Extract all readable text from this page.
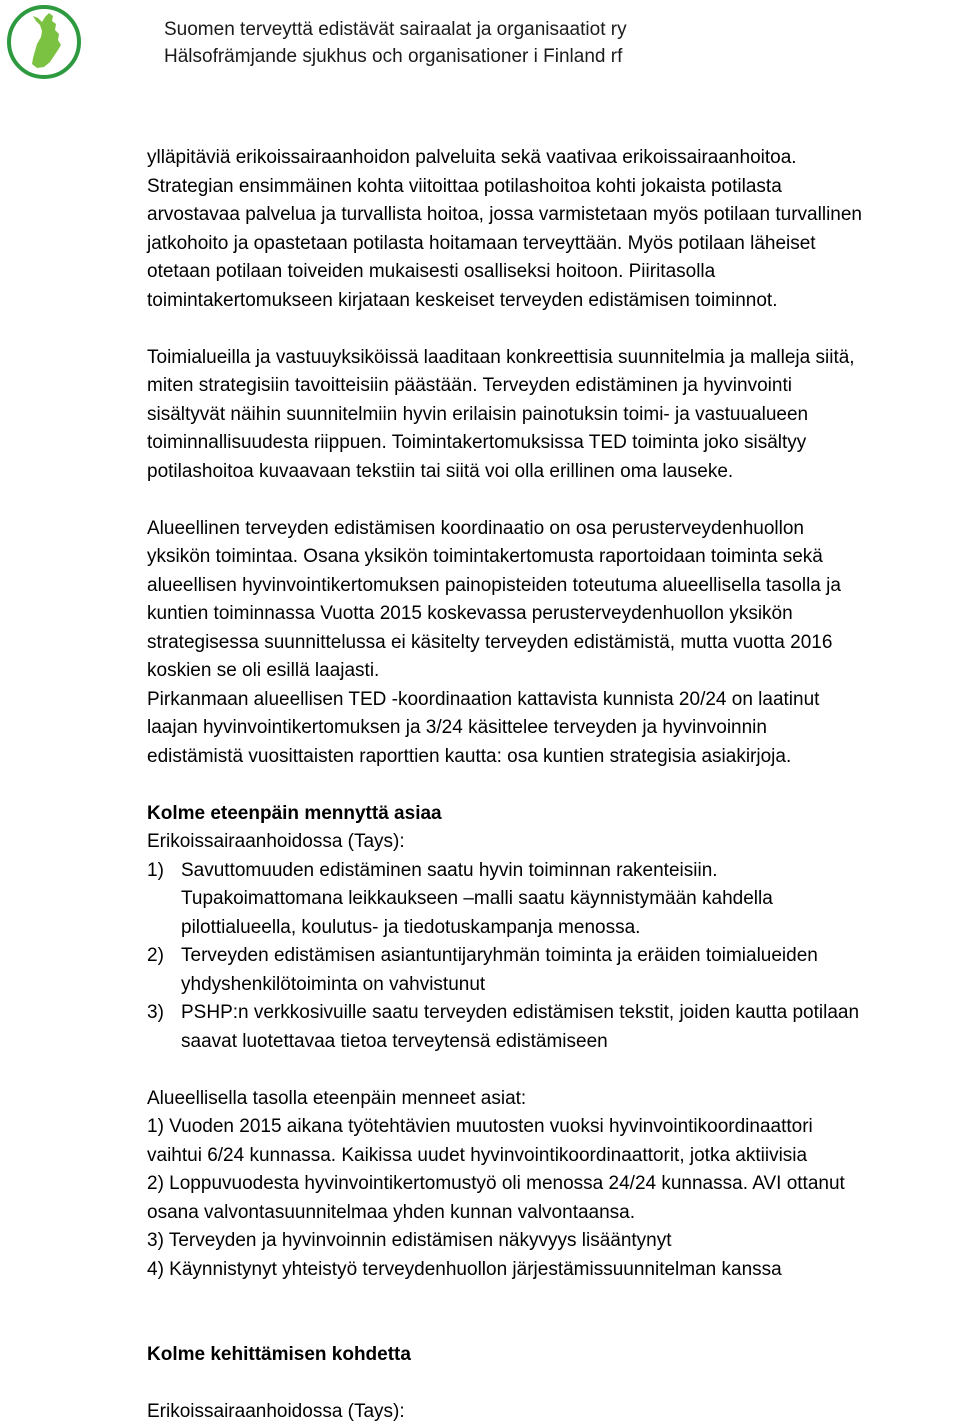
Suomen terveyttä edistävät sairaalat ja organisaatiot ry
Hälsofrämjande sjukhus och organisationer i Finland rf

ylläpitäviä erikoissairaanhoidon palveluita sekä vaativaa erikoissairaanhoitoa.

Strategian ensimmäinen kohta viitoittaa potilashoitoa kohti jokaista potilasta

arvostavaa palvelua ja turvallista hoitoa, jossa varmistetaan myös potilaan turvallinen

jatkohoito ja opastetaan potilasta hoitamaan terveyttään. Myös potilaan läheiset

otetaan potilaan toiveiden mukaisesti osalliseksi hoitoon. Piiritasolla

toimintakertomukseen kirjataan keskeiset terveyden edistämisen toiminnot.

Toimialueilla ja vastuuyksiköissä laaditaan konkreettisia suunnitelmia ja malleja siitä,

miten strategisiin tavoitteisiin päästään. Terveyden edistäminen ja hyvinvointi

sisältyvät näihin suunnitelmiin hyvin erilaisin painotuksin toimi- ja vastuualueen

toiminnallisuudesta riippuen. Toimintakertomuksissa TED toiminta joko sisältyy

potilashoitoa kuvaavaan tekstiin tai siitä voi olla erillinen oma lauseke.

Alueellinen terveyden edistämisen koordinaatio on osa perusterveydenhuollon

yksikön toimintaa. Osana yksikön toimintakertomusta raportoidaan toiminta sekä

alueellisen hyvinvointikertomuksen painopisteiden toteutuma alueellisella tasolla ja

kuntien toiminnassa Vuotta 2015 koskevassa perusterveydenhuollon yksikön

strategisessa suunnittelussa ei käsitelty terveyden edistämistä, mutta vuotta 2016

koskien se oli esillä laajasti.

Pirkanmaan alueellisen TED -koordinaation kattavista kunnista 20/24 on laatinut

laajan hyvinvointikertomuksen ja 3/24 käsittelee terveyden ja hyvinvoinnin

edistämistä vuosittaisten raporttien kautta: osa kuntien strategisia asiakirjoja.

Kolme eteenpäin mennyttä asiaa

Erikoissairaanhoidossa (Tays):

1) Savuttomuuden edistäminen saatu hyvin toiminnan rakenteisiin.

Tupakoimattomana leikkaukseen –malli saatu käynnistymään kahdella

pilottialueella, koulutus- ja tiedotuskampanja menossa.

2) Terveyden edistämisen asiantuntijaryhmän toiminta ja eräiden toimialueiden

yhdyshenkilötoiminta on vahvistunut

3) PSHP:n verkkosivuille saatu terveyden edistämisen tekstit, joiden kautta potilaan

saavat luotettavaa tietoa terveytensä edistämiseen

Alueellisella tasolla eteenpäin menneet asiat:

1) Vuoden 2015 aikana työtehtävien muutosten vuoksi hyvinvointikoordinaattori

vaihtui 6/24 kunnassa. Kaikissa uudet hyvinvointikoordinaattorit, jotka aktiivisia

2) Loppuvuodesta hyvinvointikertomustyö oli menossa 24/24 kunnassa. AVI ottanut

osana valvontasuunnitelmaa yhden kunnan valvontaansa.

3) Terveyden ja hyvinvoinnin edistämisen näkyvyys lisääntynyt

4) Käynnistynyt yhteistyö terveydenhuollon järjestämissuunnitelman kanssa

Kolme kehittämisen kohdetta

Erikoissairaanhoidossa (Tays):
